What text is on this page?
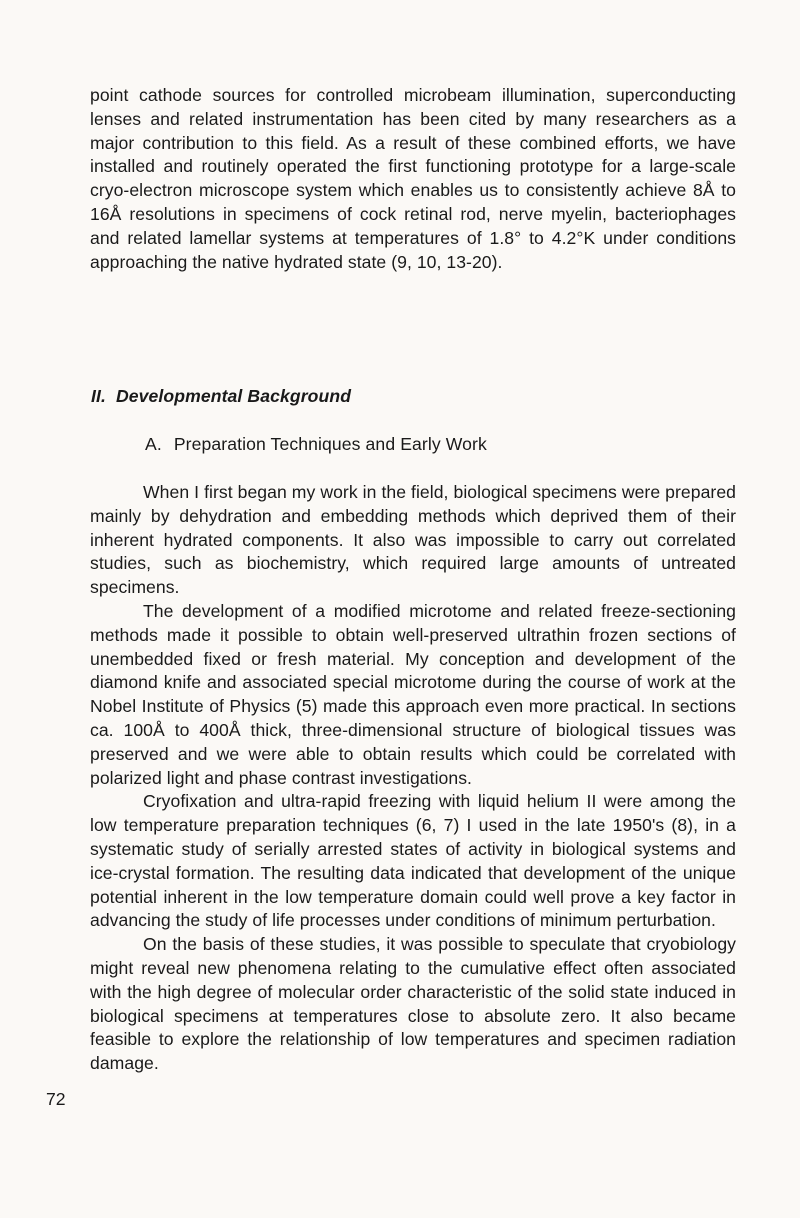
point cathode sources for controlled microbeam illumination, superconducting lenses and related instrumentation has been cited by many researchers as a major contribution to this field. As a result of these combined efforts, we have installed and routinely operated the first functioning prototype for a large-scale cryo-electron microscope system which enables us to consistently achieve 8Å to 16Å resolutions in specimens of cock retinal rod, nerve myelin, bacteriophages and related lamellar systems at temperatures of 1.8° to 4.2°K under conditions approaching the native hydrated state (9, 10, 13-20).

II. Developmental Background
A. Preparation Techniques and Early Work

When I first began my work in the field, biological specimens were prepared mainly by dehydration and embedding methods which deprived them of their inherent hydrated components. It also was impossible to carry out correlated studies, such as biochemistry, which required large amounts of untreated specimens.

The development of a modified microtome and related freeze-sectioning methods made it possible to obtain well-preserved ultrathin frozen sections of unembedded fixed or fresh material. My conception and development of the diamond knife and associated special microtome during the course of work at the Nobel Institute of Physics (5) made this approach even more practical. In sections ca. 100Å to 400Å thick, three-dimensional structure of biological tissues was preserved and we were able to obtain results which could be correlated with polarized light and phase contrast investigations.

Cryofixation and ultra-rapid freezing with liquid helium II were among the low temperature preparation techniques (6, 7) I used in the late 1950's (8), in a systematic study of serially arrested states of activity in biological systems and ice-crystal formation. The resulting data indicated that development of the unique potential inherent in the low temperature domain could well prove a key factor in advancing the study of life processes under conditions of minimum perturbation.

On the basis of these studies, it was possible to speculate that cryobiology might reveal new phenomena relating to the cumulative effect often associated with the high degree of molecular order characteristic of the solid state induced in biological specimens at temperatures close to absolute zero. It also became feasible to explore the relationship of low temperatures and specimen radiation damage.

72
